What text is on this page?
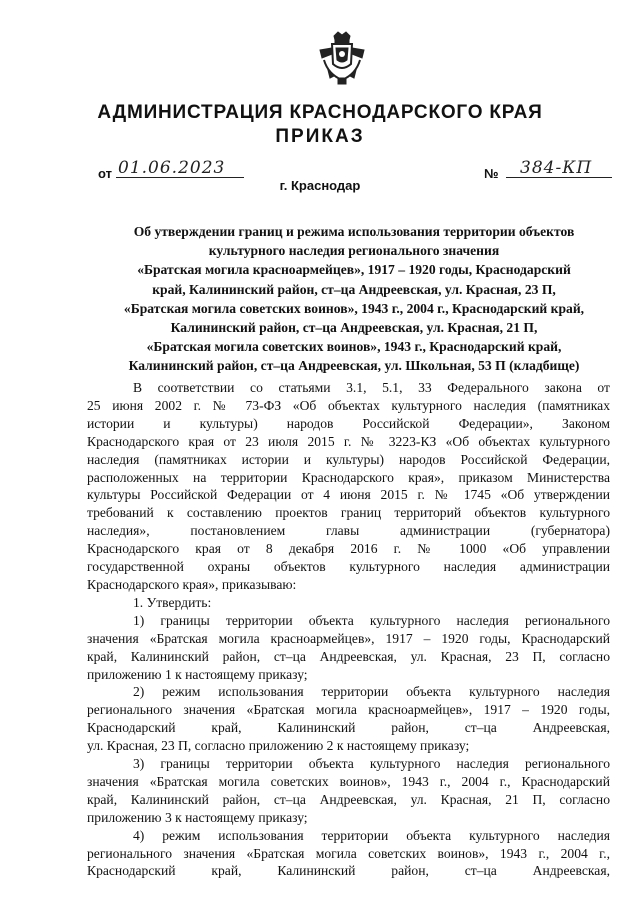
АДМИНИСТРАЦИЯ КРАСНОДАРСКОГО КРАЯ
ПРИКАЗ
от 01.06.2023	№ 384-КП
г. Краснодар
Об утверждении границ и режима использования территории объектов
культурного наследия регионального значения
«Братская могила красноармейцев», 1917 – 1920 годы, Краснодарский
край, Калининский район, ст–ца Андреевская, ул. Красная, 23 П,
«Братская могила советских воинов», 1943 г., 2004 г., Краснодарский край,
Калининский район, ст–ца Андреевская, ул. Красная, 21 П,
«Братская могила советских воинов», 1943 г., Краснодарский край,
Калининский район, ст–ца Андреевская, ул. Школьная, 53 П (кладбище)
В соответствии со статьями 3.1, 5.1, 33 Федерального закона от
25 июня 2002 г. № 73-ФЗ «Об объектах культурного наследия (памятниках
истории и культуры) народов Российской Федерации», Законом
Краснодарского края от 23 июля 2015 г. № 3223-КЗ «Об объектах культурного
наследия (памятниках истории и культуры) народов Российской Федерации,
расположенных на территории Краснодарского края», приказом Министерства
культуры Российской Федерации от 4 июня 2015 г. № 1745 «Об утверждении
требований к составлению проектов границ территорий объектов культурного
наследия», постановлением главы администрации (губернатора)
Краснодарского края от 8 декабря 2016 г. № 1000 «Об управлении
государственной охраны объектов культурного наследия администрации
Краснодарского края», приказываю:
1. Утвердить:
1) границы территории объекта культурного наследия регионального
значения «Братская могила красноармейцев», 1917 – 1920 годы, Краснодарский
край, Калининский район, ст–ца Андреевская, ул. Красная, 23 П, согласно
приложению 1 к настоящему приказу;
2) режим использования территории объекта культурного наследия
регионального значения «Братская могила красноармейцев», 1917 – 1920 годы,
Краснодарский край, Калининский район, ст–ца Андреевская,
ул. Красная, 23 П, согласно приложению 2 к настоящему приказу;
3) границы территории объекта культурного наследия регионального
значения «Братская могила советских воинов», 1943 г., 2004 г., Краснодарский
край, Калининский район, ст–ца Андреевская, ул. Красная, 21 П, согласно
приложению 3 к настоящему приказу;
4) режим использования территории объекта культурного наследия
регионального значения «Братская могила советских воинов», 1943 г., 2004 г.,
Краснодарский край, Калининский район, ст–ца Андреевская,
